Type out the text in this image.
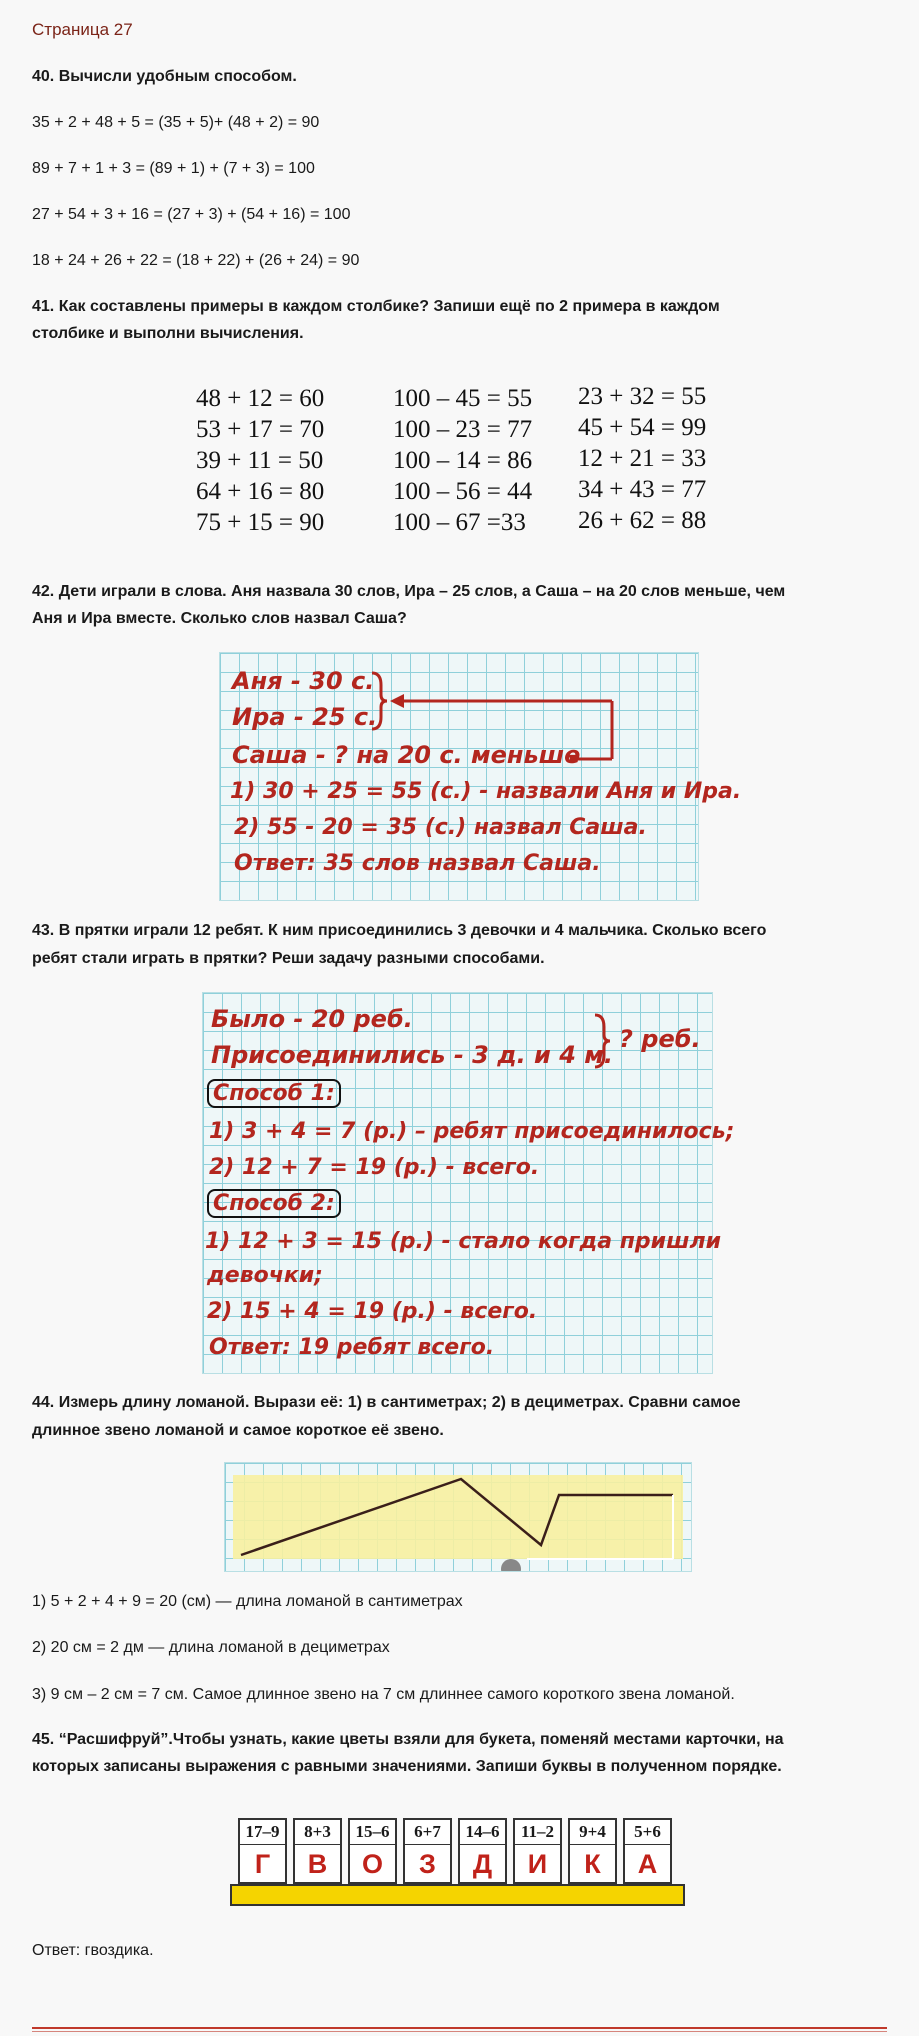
Страница 27

40. Вычисли удобным способом.

35 + 2 + 48 + 5 = (35 + 5)+ (48 + 2) = 90

89 + 7 + 1 + 3 = (89 + 1) + (7 + 3) = 100

27 + 54 + 3 + 16 = (27 + 3) + (54 + 16) = 100

18 + 24 + 26 + 22 = (18 + 22) + (26 + 24) = 90

41. Как составлены примеры в каждом столбике? Запиши ещё по 2 примера в каждом

столбике и выполни вычисления.

48 + 12 = 60
53 + 17 = 70
39 + 11 = 50
64 + 16 = 80
75 + 15 = 90
100 – 45 = 55
100 – 23 = 77
100 – 14 = 86
100 – 56 = 44
100 – 67 =33
23 + 32 = 55
45 + 54 = 99
12 + 21 = 33
34 + 43 = 77
26 + 62 = 88

42. Дети играли в слова. Аня назвала 30 слов, Ира – 25 слов, а Саша – на 20 слов меньше, чем

Аня и Ира вместе. Сколько слов назвал Саша?

Аня - 30 с.
Ира - 25 с.
Саша - ? на 20 с. меньше
1) 30 + 25 = 55 (с.) - назвали Аня и Ира.
2) 55 - 20 = 35 (с.) назвал Саша.
Ответ: 35 слов назвал Саша.

43. В прятки играли 12 ребят. К ним присоединились 3 девочки и 4 мальчика. Сколько всего

ребят стали играть в прятки? Реши задачу разными способами.

Было - 20 реб.
Присоединились - 3 д. и 4 м.
? реб.
Способ 1:
1) 3 + 4 = 7 (р.) – ребят присоединилось;
2) 12 + 7 = 19 (р.) - всего.
Способ 2:
1) 12 + 3 = 15 (р.) - стало когда пришли
девочки;
2) 15 + 4 = 19 (р.) - всего.
Ответ: 19 ребят всего.

44. Измерь длину ломаной. Вырази её: 1) в сантиметрах; 2) в дециметрах. Сравни самое

длинное звено ломаной и самое короткое её звено.

1) 5 + 2 + 4 + 9 = 20 (см) — длина ломаной в сантиметрах

2) 20 см = 2 дм — длина ломаной в дециметрах

3) 9 см – 2 см = 7 см. Самое длинное звено на 7 см длиннее самого короткого звена ломаной.

45. “Расшифруй”.Чтобы узнать, какие цветы взяли для букета, поменяй местами карточки, на

которых записаны выражения с равными значениями. Запиши буквы в полученном порядке.

17–9
Г
8+3
В
15–6
О
6+7
З
14–6
Д
11–2
И
9+4
К
5+6
А

Ответ: гвоздика.
